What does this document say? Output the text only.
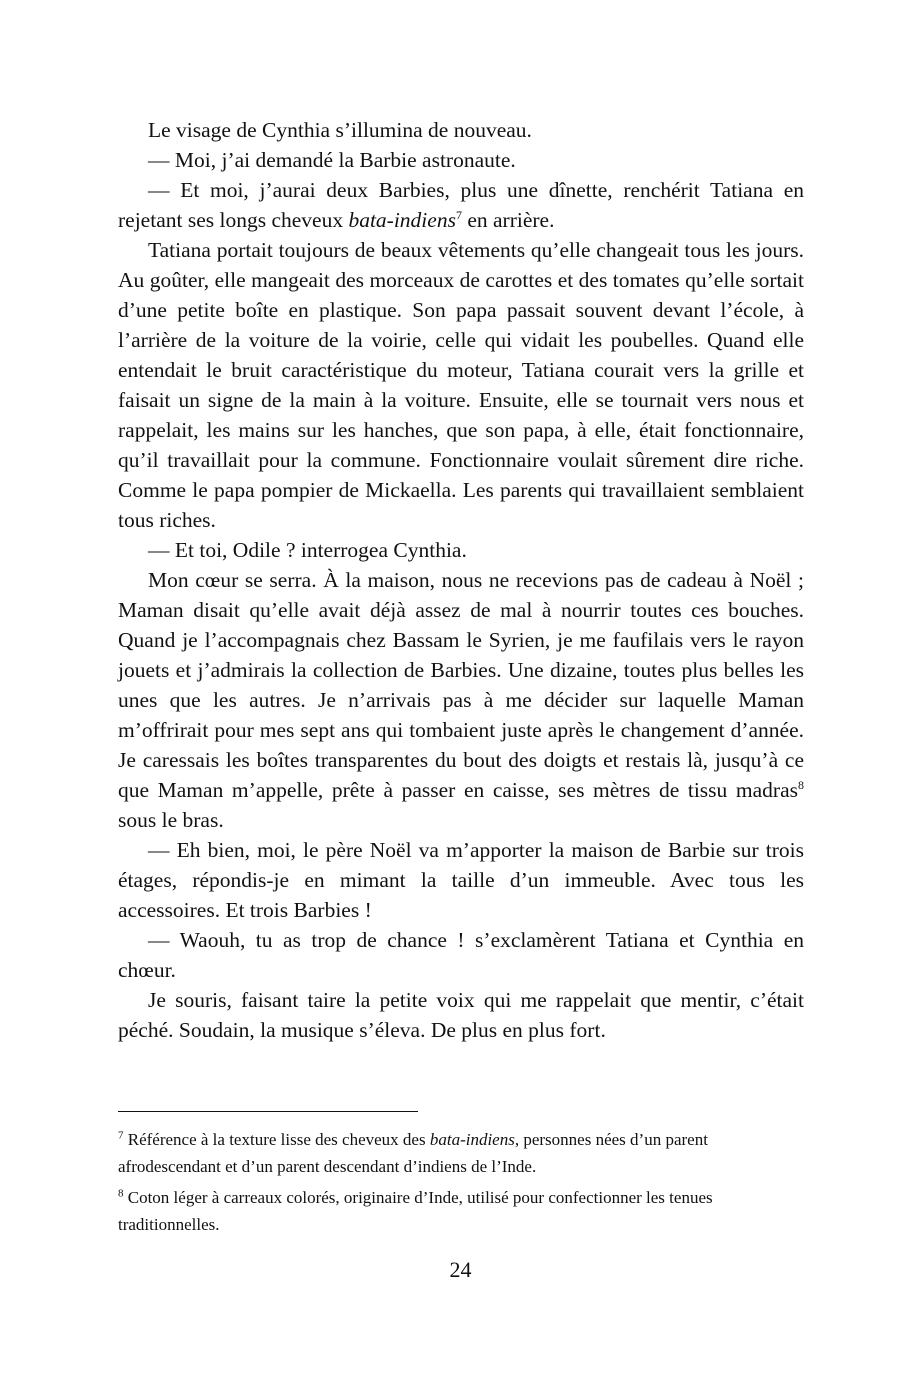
Le visage de Cynthia s’illumina de nouveau.

— Moi, j’ai demandé la Barbie astronaute.

— Et moi, j’aurai deux Barbies, plus une dînette, renchérit Tatiana en rejetant ses longs cheveux bata-indiens$^7$ en arrière.

Tatiana portait toujours de beaux vêtements qu’elle changeait tous les jours. Au goûter, elle mangeait des morceaux de carottes et des tomates qu’elle sortait d’une petite boîte en plastique. Son papa passait souvent devant l’école, à l’arrière de la voiture de la voirie, celle qui vidait les poubelles. Quand elle entendait le bruit caractéristique du moteur, Tatiana courait vers la grille et faisait un signe de la main à la voiture. Ensuite, elle se tournait vers nous et rappelait, les mains sur les hanches, que son papa, à elle, était fonctionnaire, qu’il travaillait pour la commune. Fonctionnaire voulait sûrement dire riche. Comme le papa pompier de Mickaella. Les parents qui travaillaient semblaient tous riches.

— Et toi, Odile ? interrogea Cynthia.

Mon cœur se serra. À la maison, nous ne recevions pas de cadeau à Noël ; Maman disait qu’elle avait déjà assez de mal à nourrir toutes ces bouches. Quand je l’accompagnais chez Bassam le Syrien, je me faufilais vers le rayon jouets et j’admirais la collection de Barbies. Une dizaine, toutes plus belles les unes que les autres. Je n’arrivais pas à me décider sur laquelle Maman m’offrirait pour mes sept ans qui tombaient juste après le changement d’année. Je caressais les boîtes transparentes du bout des doigts et restais là, jusqu’à ce que Maman m’appelle, prête à passer en caisse, ses mètres de tissu madras$^8$ sous le bras.

— Eh bien, moi, le père Noël va m’apporter la maison de Barbie sur trois étages, répondis-je en mimant la taille d’un immeuble. Avec tous les accessoires. Et trois Barbies !

— Waouh, tu as trop de chance ! s’exclamèrent Tatiana et Cynthia en chœur.

Je souris, faisant taire la petite voix qui me rappelait que mentir, c’était péché. Soudain, la musique s’éleva. De plus en plus fort.

$^7$ Référence à la texture lisse des cheveux des bata-indiens, personnes nées d’un parent afrodescendant et d’un parent descendant d’indiens de l’Inde.

$^8$ Coton léger à carreaux colorés, originaire d’Inde, utilisé pour confectionner les tenues traditionnelles.

24
